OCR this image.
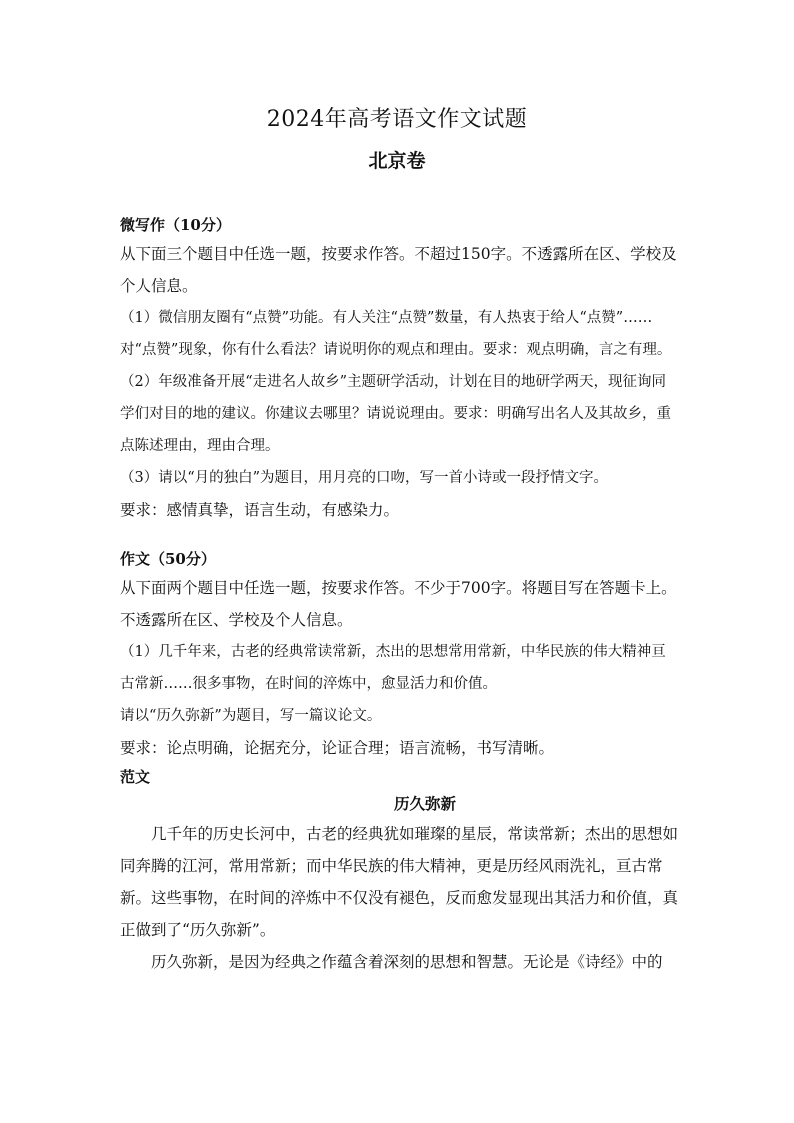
2024年高考语文作文试题
北京卷
微写作（10分）

从下面三个题目中任选一题，按要求作答。不超过150字。不透露所在区、学校及个人信息。

（1）微信朋友圈有“点赞”功能。有人关注“点赞”数量，有人热衷于给人“点赞”……对“点赞”现象，你有什么看法？请说明你的观点和理由。要求：观点明确，言之有理。

（2）年级准备开展“走进名人故乡”主题研学活动，计划在目的地研学两天，现征询同学们对目的地的建议。你建议去哪里？请说说理由。要求：明确写出名人及其故乡，重点陈述理由，理由合理。

（3）请以“月的独白”为题目，用月亮的口吻，写一首小诗或一段抒情文字。

要求：感情真挚，语言生动，有感染力。

作文（50分）

从下面两个题目中任选一题，按要求作答。不少于700字。将题目写在答题卡上。不透露所在区、学校及个人信息。

（1）几千年来，古老的经典常读常新，杰出的思想常用常新，中华民族的伟大精神亘古常新……很多事物，在时间的淬炼中，愈显活力和价值。

请以“历久弥新”为题目，写一篇议论文。

要求：论点明确，论据充分，论证合理；语言流畅，书写清晰。

范文
历久弥新

几千年的历史长河中，古老的经典犹如璀璨的星辰，常读常新；杰出的思想如同奔腾的江河，常用常新；而中华民族的伟大精神，更是历经风雨洗礼，亘古常新。这些事物，在时间的淬炼中不仅没有褪色，反而愈发显现出其活力和价值，真正做到了“历久弥新”。

历久弥新，是因为经典之作蕴含着深刻的思想和智慧。无论是《诗经》中的
